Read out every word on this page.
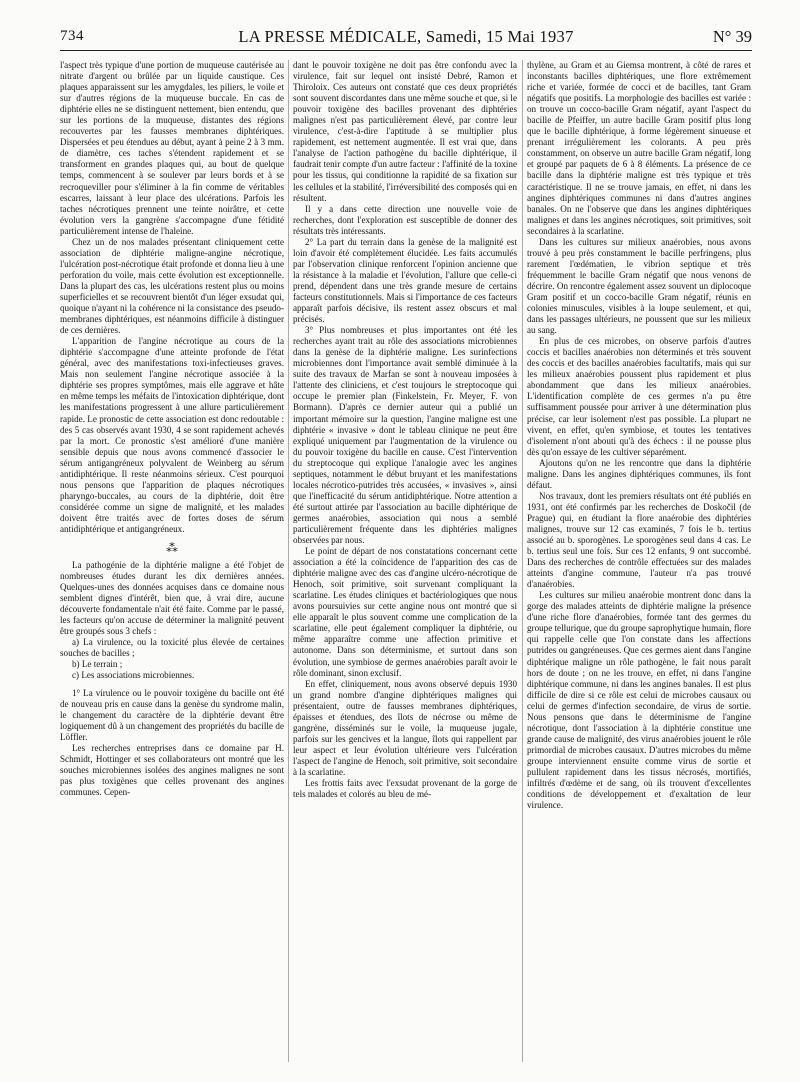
734	LA PRESSE MÉDICALE, Samedi, 15 Mai 1937	N° 39

l'aspect très typique d'une portion de muqueuse cautérisée au nitrate d'argent ou brûlée par un liquide caustique. Ces plaques apparaissent sur les amygdales, les piliers, le voile et sur d'autres régions de la muqueuse buccale. En cas de diphtérie elles ne se distinguent nettement, bien entendu, que sur les portions de la muqueuse, distantes des régions recouvertes par les fausses membranes diphtériques. Dispersées et peu étendues au début, ayant à peine 2 à 3 mm. de diamètre, ces taches s'étendent rapidement et se transforment en grandes plaques qui, au bout de quelque temps, commencent à se soulever par leurs bords et à se recroqueviller pour s'éliminer à la fin comme de véritables escarres, laissant à leur place des ulcérations. Parfois les taches nécrotiques prennent une teinte noirâtre, et cette évolution vers la gangrène s'accompagne d'une fétidité particulièrement intense de l'haleine.

Chez un de nos malades présentant cliniquement cette association de diphtérie maligne-angine nécrotique, l'ulcération post-nécrotique était profonde et donna lieu à une perforation du voile, mais cette évolution est exceptionnelle. Dans la plupart des cas, les ulcérations restent plus ou moins superficielles et se recouvrent bientôt d'un léger exsudat qui, quoique n'ayant ni la cohérence ni la consistance des pseudo-membranes diphtériques, est néanmoins difficile à distinguer de ces dernières.

L'apparition de l'angine nécrotique au cours de la diphtérie s'accompagne d'une atteinte profonde de l'état général, avec des manifestations toxi-infectieuses graves. Mais non seulement l'angine nécrotique associée à la diphtérie ses propres symptômes, mais elle aggrave et hâte en même temps les méfaits de l'intoxication diphtérique, dont les manifestations progressent à une allure particulièrement rapide. Le pronostic de cette association est donc redoutable : des 5 cas observés avant 1930, 4 se sont rapidement achevés par la mort. Ce pronostic s'est amélioré d'une manière sensible depuis que nous avons commencé d'associer le sérum antigangréneux polyvalent de Weinberg au sérum antidiphtérique. Il reste néanmoins sérieux. C'est pourquoi nous pensons que l'apparition de plaques nécrotiques pharyngo-buccales, au cours de la diphtérie, doit être considérée comme un signe de malignité, et les malades doivent être traités avec de fortes doses de sérum antidiphtérique et antigangréneux.

⁂

La pathogénie de la diphtérie maligne a été l'objet de nombreuses études durant les dix dernières années. Quelques-unes des données acquises dans ce domaine nous semblent dignes d'intérêt, bien que, à vrai dire, aucune découverte fondamentale n'ait été faite. Comme par le passé, les facteurs qu'on accuse de déterminer la malignité peuvent être groupés sous 3 chefs :

a) La virulence, ou la toxicité plus élevée de certaines souches de bacilles ;

b) Le terrain ;

c) Les associations microbiennes.

1° La virulence ou le pouvoir toxigène du bacille ont été de nouveau pris en cause dans la genèse du syndrome malin, le changement du caractère de la diphtérie devant être logiquement dû à un changement des propriétés du bacille de Löffler.

Les recherches entreprises dans ce domaine par H. Schmidt, Hottinger et ses collaborateurs ont montré que les souches microbiennes isolées des angines malignes ne sont pas plus toxigènes que celles provenant des angines communes. Cepen-

dant le pouvoir toxigène ne doit pas être confondu avec la virulence, fait sur lequel ont insisté Debré, Ramon et Thiroloix. Ces auteurs ont constaté que ces deux propriétés sont souvent discordantes dans une même souche et que, si le pouvoir toxigène des bacilles provenant des diphtéries malignes n'est pas particulièrement élevé, par contre leur virulence, c'est-à-dire l'aptitude à se multiplier plus rapidement, est nettement augmentée. Il est vrai que, dans l'analyse de l'action pathogène du bacille diphtérique, il faudrait tenir compte d'un autre facteur : l'affinité de la toxine pour les tissus, qui conditionne la rapidité de sa fixation sur les cellules et la stabilité, l'irréversibilité des composés qui en résultent.

Il y a dans cette direction une nouvelle voie de recherches, dont l'exploration est susceptible de donner des résultats très intéressants.

2° La part du terrain dans la genèse de la malignité est loin d'avoir été complètement élucidée. Les faits accumulés par l'observation clinique renforcent l'opinion ancienne que la résistance à la maladie et l'évolution, l'allure que celle-ci prend, dépendent dans une très grande mesure de certains facteurs constitutionnels. Mais si l'importance de ces facteurs apparaît parfois décisive, ils restent assez obscurs et mal précisés.

3° Plus nombreuses et plus importantes ont été les recherches ayant trait au rôle des associations microbiennes dans la genèse de la diphtérie maligne. Les surinfections microbiennes dont l'importance avait semblé diminuée à la suite des travaux de Marfan se sont à nouveau imposées à l'attente des cliniciens, et c'est toujours le streptocoque qui occupe le premier plan (Finkelstein, Fr. Meyer, F. von Bormann). D'après ce dernier auteur qui a publié un important mémoire sur la question, l'angine maligne est une diphtérie « invasive » dont le tableau clinique ne peut être expliqué uniquement par l'augmentation de la virulence ou du pouvoir toxigène du bacille en cause. C'est l'intervention du streptocoque qui explique l'analogie avec les angines septiques, notamment le début bruyant et les manifestations locales nécrotico-putrides très accusées, « invasives », ainsi que l'inefficacité du sérum antidiphtérique. Notre attention a été surtout attirée par l'association au bacille diphtérique de germes anaérobies, association qui nous a semblé particulièrement fréquente dans les diphtéries malignes observées par nous.

Le point de départ de nos constatations concernant cette association a été la coïncidence de l'apparition des cas de diphtérie maligne avec des cas d'angine ulcéro-nécrotique de Henoch, soit primitive, soit survenant compliquant la scarlatine. Les études cliniques et bactériologiques que nous avons poursuivies sur cette angine nous ont montré que si elle apparaît le plus souvent comme une complication de la scarlatine, elle peut également compliquer la diphtérie, ou même apparaître comme une affection primitive et autonome. Dans son déterminisme, et surtout dans son évolution, une symbiose de germes anaérobies paraît avoir le rôle dominant, sinon exclusif.

En effet, cliniquement, nous avons observé depuis 1930 un grand nombre d'angine diphtériques malignes qui présentaient, outre de fausses membranes diphtériques, épaisses et étendues, des îlots de nécrose ou même de gangrène, disséminés sur le voile, la muqueuse jugale, parfois sur les gencives et la langue, îlots qui rappellent par leur aspect et leur évolution ultérieure vers l'ulcération l'aspect de l'angine de Henoch, soit primitive, soit secondaire à la scarlatine.

Les frottis faits avec l'exsudat provenant de la gorge de tels malades et colorés au bleu de mé-

thylène, au Gram et au Giemsa montrent, à côté de rares et inconstants bacilles diphtériques, une flore extrêmement riche et variée, formée de cocci et de bacilles, tant Gram négatifs que positifs. La morphologie des bacilles est variée : on trouve un cocco-bacille Gram négatif, ayant l'aspect du bacille de Pfeiffer, un autre bacille Gram positif plus long que le bacille diphtérique, à forme légèrement sinueuse et prenant irrégulièrement les colorants. A peu près constamment, on observe un autre bacille Gram négatif, long et groupé par paquets de 6 à 8 éléments. La présence de ce bacille dans la diphtérie maligne est très typique et très caractéristique. Il ne se trouve jamais, en effet, ni dans les angines diphtériques communes ni dans d'autres angines banales. On ne l'observe que dans les angines diphtériques malignes et dans les angines nécrotiques, soit primitives, soit secondaires à la scarlatine.

Dans les cultures sur milieux anaérobies, nous avons trouvé à peu près constamment le bacille perfringens, plus rarement l'œdématien, le vibrion septique et très fréquemment le bacille Gram négatif que nous venons de décrire. On rencontre également assez souvent un diplocoque Gram positif et un cocco-bacille Gram négatif, réunis en colonies minuscules, visibles à la loupe seulement, et qui, dans les passages ultérieurs, ne poussent que sur les milieux au sang.

En plus de ces microbes, on observe parfois d'autres coccis et bacilles anaérobies non déterminés et très souvent des coccis et des bacilles anaérobies facultatifs, mais qui sur les milieux anaérobies poussent plus rapidement et plus abondamment que dans les milieux anaérobies. L'identification complète de ces germes n'a pu être suffisamment poussée pour arriver à une détermination plus précise, car leur isolement n'est pas possible. La plupart ne vivent, en effet, qu'en symbiose, et toutes les tentatives d'isolement n'ont abouti qu'à des échecs : il ne pousse plus dès qu'on essaye de les cultiver séparément.

Ajoutons qu'on ne les rencontre que dans la diphtérie maligne. Dans les angines diphtériques communes, ils font défaut.

Nos travaux, dont les premiers résultats ont été publiés en 1931, ont été confirmés par les recherches de Doskočil (de Prague) qui, en étudiant la flore anaérobie des diphtéries malignes, trouve sur 12 cas examinés, 7 fois le b. tertius associé au b. sporogènes. Le sporogènes seul dans 4 cas. Le b. tertius seul une fois. Sur ces 12 enfants, 9 ont succombé. Dans des recherches de contrôle effectuées sur des malades atteints d'angine commune, l'auteur n'a pas trouvé d'anaérobies.

Les cultures sur milieu anaérobie montrent donc dans la gorge des malades atteints de diphtérie maligne la présence d'une riche flore d'anaérobies, formée tant des germes du groupe tellurique, que du groupe saprophytique humain, flore qui rappelle celle que l'on constate dans les affections putrides ou gangréneuses. Que ces germes aient dans l'angine diphtérique maligne un rôle pathogène, le fait nous paraît hors de doute ; on ne les trouve, en effet, ni dans l'angine diphtérique commune, ni dans les angines banales. Il est plus difficile de dire si ce rôle est celui de microbes causaux ou celui de germes d'infection secondaire, de virus de sortie. Nous pensons que dans le déterminisme de l'angine nécrotique, dont l'association à la diphtérie constitue une grande cause de malignité, des virus anaérobies jouent le rôle primordial de microbes causaux. D'autres microbes du même groupe interviennent ensuite comme virus de sortie et pullulent rapidement dans les tissus nécrosés, mortifiés, infiltrés d'œdème et de sang, où ils trouvent d'excellentes conditions de développement et d'exaltation de leur virulence.
